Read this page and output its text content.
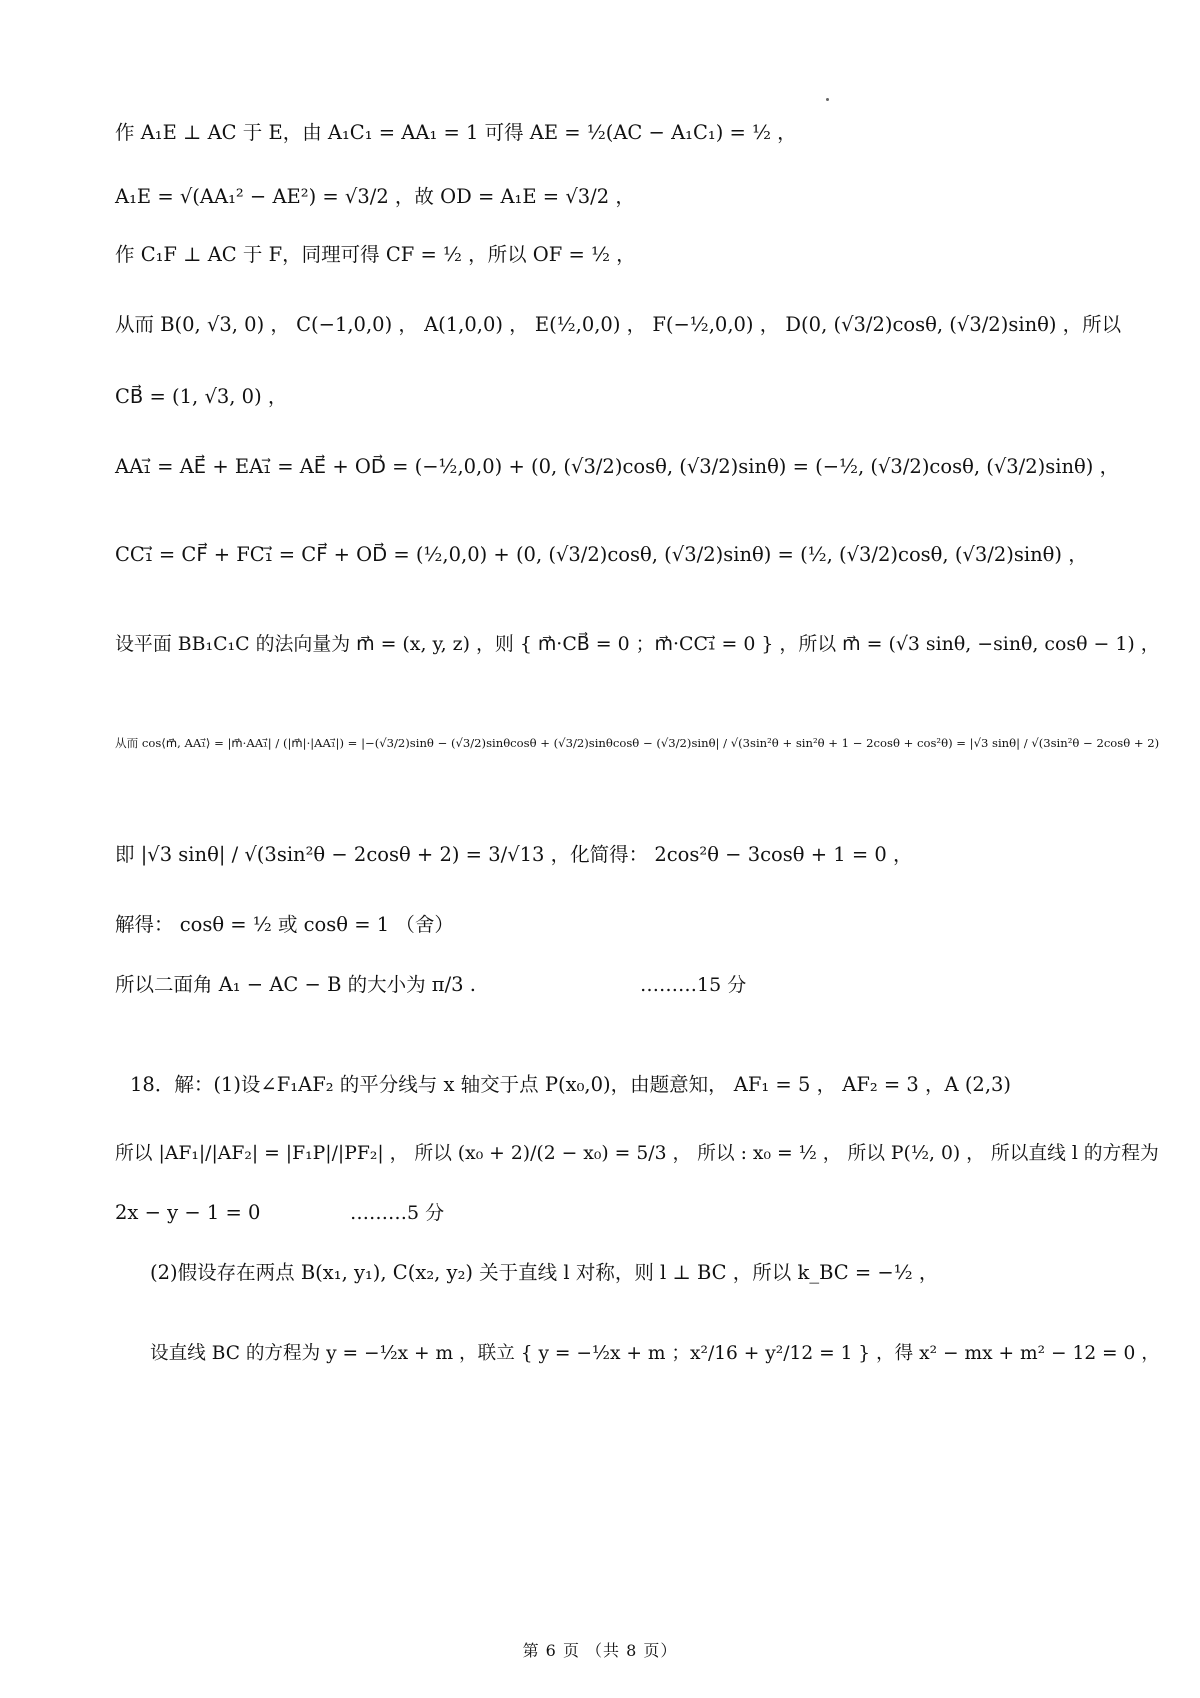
作 A₁E ⊥ AC 于 E，由 A₁C₁ = AA₁ = 1 可得 AE = ½(AC − A₁C₁) = ½ ，
A₁E = √(AA₁² − AE²) = √3/2 ，故 OD = A₁E = √3/2 ，
作 C₁F ⊥ AC 于 F，同理可得 CF = ½ ，所以 OF = ½ ，
从而 B(0, √3, 0) ， C(−1,0,0) ， A(1,0,0) ， E(½,0,0) ， F(−½,0,0) ， D(0, (√3/2)cosθ, (√3/2)sinθ) ，所以
CB⃗ = (1, √3, 0) ，
AA₁⃗ = AE⃗ + EA₁⃗ = AE⃗ + OD⃗ = (−½,0,0) + (0, (√3/2)cosθ, (√3/2)sinθ) = (−½, (√3/2)cosθ, (√3/2)sinθ) ，
CC₁⃗ = CF⃗ + FC₁⃗ = CF⃗ + OD⃗ = (½,0,0) + (0, (√3/2)cosθ, (√3/2)sinθ) = (½, (√3/2)cosθ, (√3/2)sinθ) ，
设平面 BB₁C₁C 的法向量为 m⃗ = (x, y, z) ，则 { m⃗·CB⃗ = 0 ；m⃗·CC₁⃗ = 0 } ，所以 m⃗ = (√3 sinθ, −sinθ, cosθ − 1) ，
从而 cos⟨m⃗, AA₁⃗⟩ = |m⃗·AA₁⃗| / (|m⃗|·|AA₁⃗|) = |−(√3/2)sinθ − (√3/2)sinθcosθ + (√3/2)sinθcosθ − (√3/2)sinθ| / √(3sin²θ + sin²θ + 1 − 2cosθ + cos²θ) = |√3 sinθ| / √(3sin²θ − 2cosθ + 2)
即 |√3 sinθ| / √(3sin²θ − 2cosθ + 2) = 3/√13 ，化简得： 2cos²θ − 3cosθ + 1 = 0 ，
解得： cosθ = ½ 或 cosθ = 1 （舍）
所以二面角 A₁ − AC − B 的大小为 π/3 .	………15 分
18．解：(1)设∠F₁AF₂ 的平分线与 x 轴交于点 P(x₀,0)，由题意知， AF₁ = 5 ， AF₂ = 3 ，A (2,3)
所以 |AF₁|/|AF₂| = |F₁P|/|PF₂| ， 所以 (x₀ + 2)/(2 − x₀) = 5/3 ， 所以 : x₀ = ½ ， 所以 P(½, 0) ， 所以直线 l 的方程为
2x − y − 1 = 0	………5 分
(2)假设存在两点 B(x₁, y₁), C(x₂, y₂) 关于直线 l 对称，则 l ⊥ BC ，所以 k_BC = −½ ，
设直线 BC 的方程为 y = −½x + m ，联立 { y = −½x + m ；x²/16 + y²/12 = 1 } ，得 x² − mx + m² − 12 = 0 ，
第 6 页 （共 8 页）
